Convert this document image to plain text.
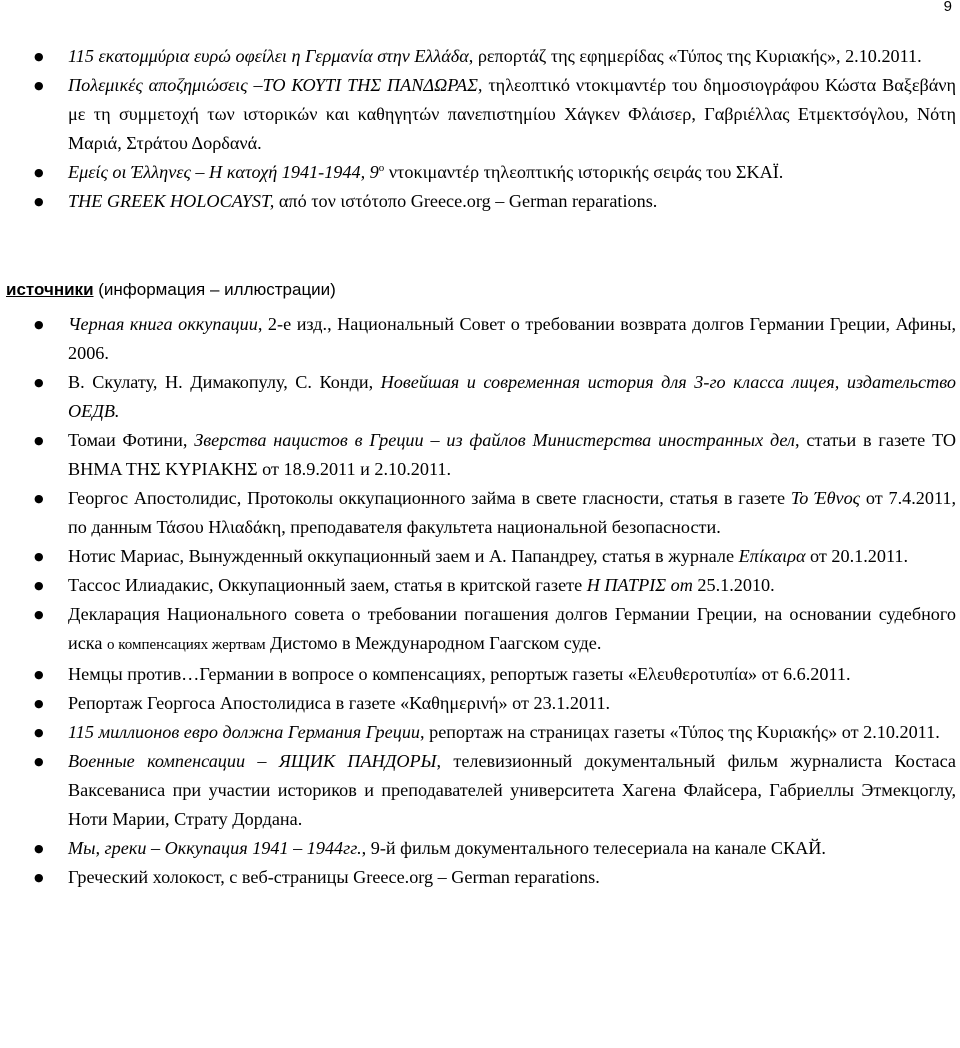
9
● 115 εκατομμύρια ευρώ οφείλει η Γερμανία στην Ελλάδα, ρεπορτάζ της εφημερίδας «Τύπος της Κυριακής», 2.10.2011.
● Πολεμικές αποζημιώσεις –ΤΟ ΚΟΥΤΙ ΤΗΣ ΠΑΝΔΩΡΑΣ, τηλεοπτικό ντοκιμαντέρ του δημοσιογράφου Κώστα Βαξεβάνη με τη συμμετοχή των ιστορικών και καθηγητών πανεπιστημίου Χάγκεν Φλάισερ, Γαβριέλλας Ετμεκτσόγλου, Νότη Μαριά, Στράτου Δορδανά.
● Εμείς οι Έλληνες – Η κατοχή 1941-1944, $9^o$ ντοκιμαντέρ τηλεοπτικής ιστορικής σειράς του ΣΚΑΪ.
● THE GREEK HOLOCAYST, από τον ιστότοπο Greece.org – German reparations.
источники (информация – иллюстрации)
● Черная книга оккупации, 2-е изд., Национальный Совет о требовании возврата долгов Германии Греции, Афины, 2006.
● В. Скулату, Н. Димакопулу, С. Конди, Новейшая и современная история для 3-го класса лицея, издательство ОЕДВ.
● Томаи Фотини, Зверства нацистов в Греции – из файлов Министерства иностранных дел, статьи в газете ΤΟ ΒΗΜΑ ΤΗΣ ΚΥΡΙΑΚΗΣ от 18.9.2011 и 2.10.2011.
● Георгос Апостолидис, Протоколы оккупационного займа в свете гласности, статья в газете Το Έθνος от 7.4.2011, по данным Τάσου Ηλιαδάκη, преподавателя факультета национальной безопасности.
● Нотис Мариас, Вынужденный оккупационный заем и А. Папандреу, статья в журнале Επίκαιρα от 20.1.2011.
● Тассос Илиадакис, Оккупационный заем, статья в критской газете Η ΠΑΤΡΙΣ от 25.1.2010.
● Декларация Национального совета о требовании погашения долгов Германии Греции, на основании судебного иска о компенсациях жертвам Дистомо в Международном Гаагском суде.
● Немцы против…Германии в вопросе о компенсациях, репортыж газеты «Ελευθεροτυπία» от 6.6.2011.
● Репортаж Георгоса Апостолидиса в газете «Καθημερινή» от 23.1.2011.
● 115 миллионов евро должна Германия Греции, репортаж на страницах газеты «Τύπος της Κυριακής» от 2.10.2011.
● Военные компенсации – ЯЩИК ПАНДОРЫ, телевизионный документальный фильм журналиста Костаса Ваксеваниса при участии историков и преподавателей университета Хагена Флайсера, Габриеллы Этмекцоглу, Ноти Марии, Страту Дордана.
● Мы, греки – Оккупация 1941 – 1944гг., 9-й фильм документального телесериала на канале СКАЙ.
● Греческий холокост, с веб-страницы Greece.org – German reparations.
